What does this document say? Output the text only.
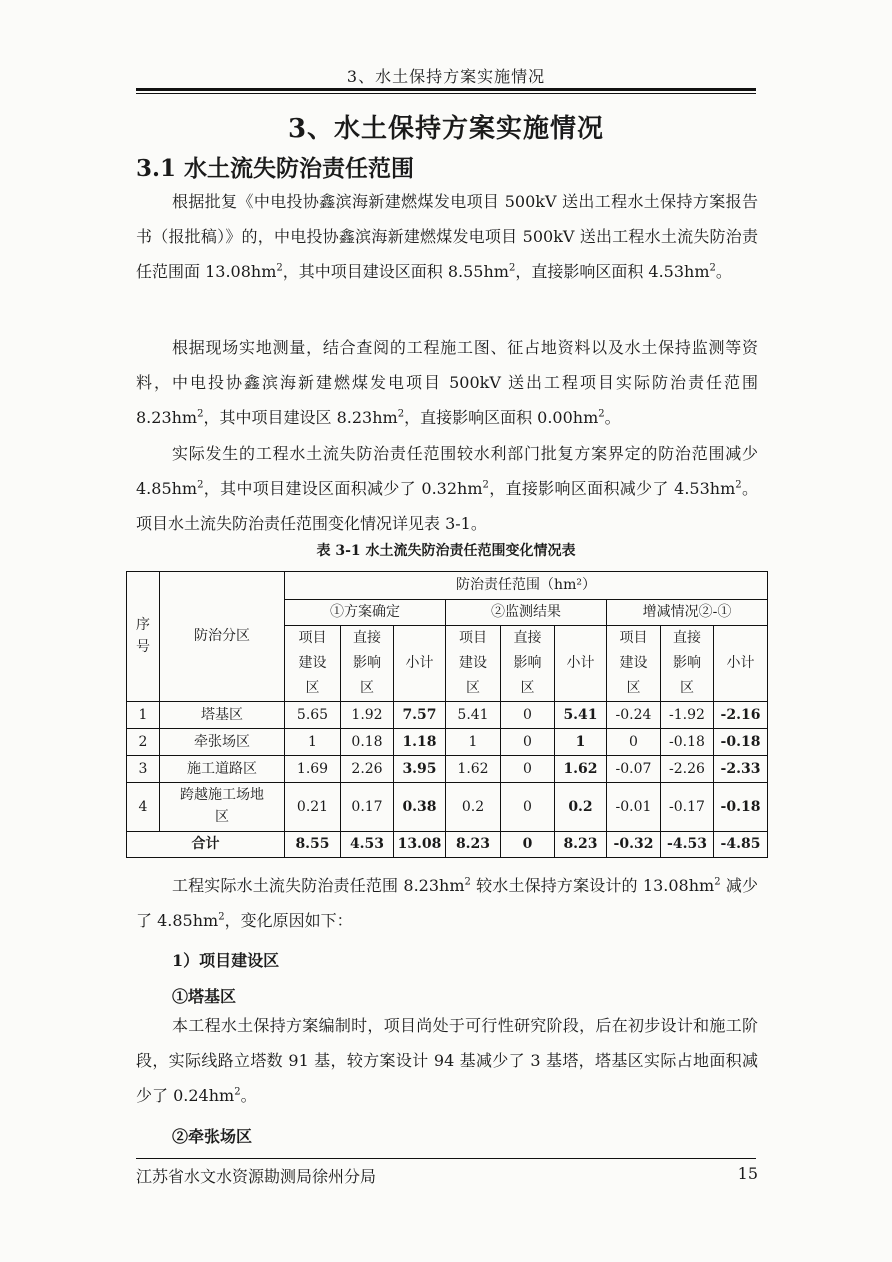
3、水土保持方案实施情况
3、水土保持方案实施情况
3.1 水土流失防治责任范围

根据批复《中电投协鑫滨海新建燃煤发电项目 500kV 送出工程水土保持方案报告书（报批稿）》的，中电投协鑫滨海新建燃煤发电项目 500kV 送出工程水土流失防治责任范围面 $13.08hm^2$，其中项目建设区面积 $8.55hm^2$，直接影响区面积 $4.53hm^2$。

根据现场实地测量，结合查阅的工程施工图、征占地资料以及水土保持监测等资料，中电投协鑫滨海新建燃煤发电项目 500kV 送出工程项目实际防治责任范围 $8.23hm^2$，其中项目建设区 $8.23hm^2$，直接影响区面积 $0.00hm^2$。

实际发生的工程水土流失防治责任范围较水利部门批复方案界定的防治范围减少 $4.85hm^2$，其中项目建设区面积减少了 $0.32hm^2$，直接影响区面积减少了 $4.53hm^2$。项目水土流失防治责任范围变化情况详见表 3-1。

表 3-1 水土流失防治责任范围变化情况表
序号	防治分区	防治责任范围（hm²）								
		①方案确定			②监测结果			增减情况②-①		
		项目建设区	直接影响区	小计	项目建设区	直接影响区	小计	项目建设区	直接影响区	小计
1	塔基区	5.65	1.92	7.57	5.41	0	5.41	-0.24	-1.92	-2.16
2	牵张场区	1	0.18	1.18	1	0	1	0	-0.18	-0.18
3	施工道路区	1.69	2.26	3.95	1.62	0	1.62	-0.07	-2.26	-2.33
4	跨越施工场地区	0.21	0.17	0.38	0.2	0	0.2	-0.01	-0.17	-0.18
合计		8.55	4.53	13.08	8.23	0	8.23	-0.32	-4.53	-4.85

工程实际水土流失防治责任范围 $8.23hm^2$ 较水土保持方案设计的 $13.08hm^2$ 减少了 $4.85hm^2$，变化原因如下：

1）项目建设区
①塔基区

本工程水土保持方案编制时，项目尚处于可行性研究阶段，后在初步设计和施工阶段，实际线路立塔数 91 基，较方案设计 94 基减少了 3 基塔，塔基区实际占地面积减少了 $0.24hm^2$。

②牵张场区
江苏省水文水资源勘测局徐州分局	15
